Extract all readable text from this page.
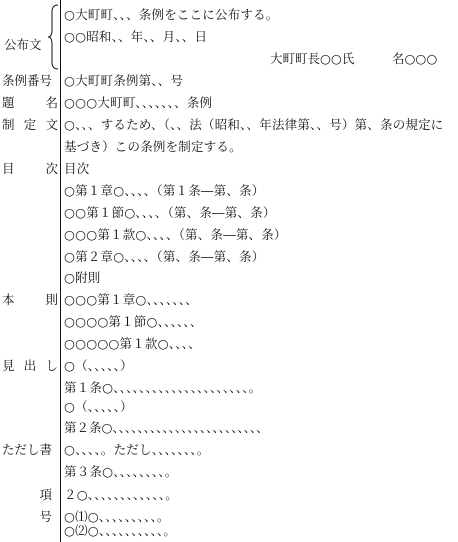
公布文
条例番号
題　名
制定文
目　次
本　則
見出し
ただし書
項
号
○大町町、、、条例をここに公布する。
○○昭和、、年、、月、、日
大町町長○○氏	名○○○
○大町町条例第、、号
○○○大町町、、、、、、、条例
○、、、するため、（、、法（昭和、、年法律第、、号）第、条の規定に基づき）この条例を制定する。
目次
○第１章○、、、、（第１条―第、条）
○○第１節○、、、、（第、条―第、条）
○○○第１款○、、、、（第、条―第、条）
○第２章○、、、、（第、条―第、条）
○附則
○○○第１章○、、、、、、、
○○○○第１節○、、、、、、
○○○○○第１款○、、、、
○（、、、、、）
第１条○、、、、、、、、、、、、、、、、、、、、、。
○（、、、、、）
第２条○、、、、、、、、、、、、、、、、、、、、、、、、
○、、、、。ただし、、、、、、、。
第３条○、、、、、、、、。
２○、、、、、、、、、、、、。
○⑴○、、、、、、、、、。
○⑵○、、、、、、、、、、。
